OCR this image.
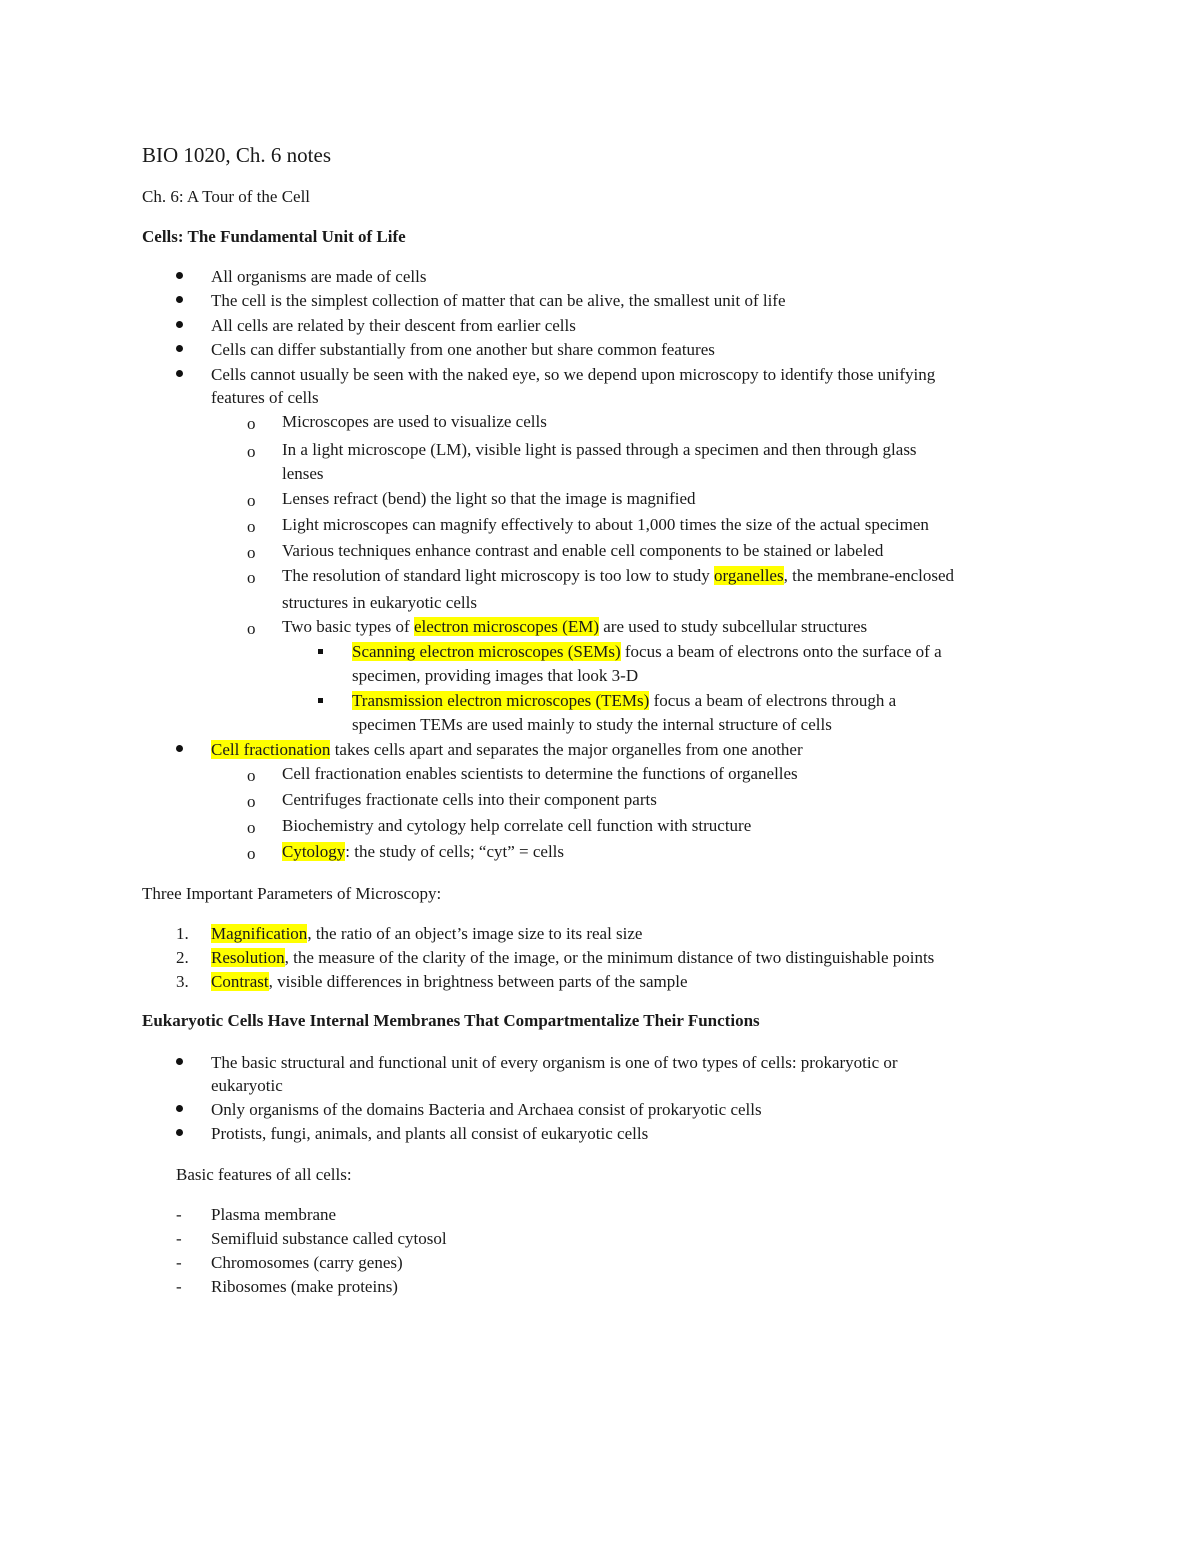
BIO 1020, Ch. 6 notes

Ch. 6: A Tour of the Cell

Cells: The Fundamental Unit of Life
All organisms are made of cells
The cell is the simplest collection of matter that can be alive, the smallest unit of life
All cells are related by their descent from earlier cells
Cells can differ substantially from one another but share common features
Cells cannot usually be seen with the naked eye, so we depend upon microscopy to identify those unifying
features of cells
o Microscopes are used to visualize cells
o In a light microscope (LM), visible light is passed through a specimen and then through glass
lenses
o Lenses refract (bend) the light so that the image is magnified
o Light microscopes can magnify effectively to about 1,000 times the size of the actual specimen
o Various techniques enhance contrast and enable cell components to be stained or labeled
o The resolution of standard light microscopy is too low to study organelles, the membrane-enclosed
structures in eukaryotic cells
o Two basic types of electron microscopes (EM) are used to study subcellular structures
Scanning electron microscopes (SEMs) focus a beam of electrons onto the surface of a
specimen, providing images that look 3-D
Transmission electron microscopes (TEMs) focus a beam of electrons through a
specimen TEMs are used mainly to study the internal structure of cells
Cell fractionation takes cells apart and separates the major organelles from one another
o Cell fractionation enables scientists to determine the functions of organelles
o Centrifuges fractionate cells into their component parts
o Biochemistry and cytology help correlate cell function with structure
o Cytology: the study of cells; “cyt” = cells

Three Important Parameters of Microscopy:

1. Magnification, the ratio of an object’s image size to its real size
2. Resolution, the measure of the clarity of the image, or the minimum distance of two distinguishable points
3. Contrast, visible differences in brightness between parts of the sample
Eukaryotic Cells Have Internal Membranes That Compartmentalize Their Functions
The basic structural and functional unit of every organism is one of two types of cells: prokaryotic or
eukaryotic
Only organisms of the domains Bacteria and Archaea consist of prokaryotic cells
Protists, fungi, animals, and plants all consist of eukaryotic cells

Basic features of all cells:

- Plasma membrane
- Semifluid substance called cytosol
- Chromosomes (carry genes)
- Ribosomes (make proteins)
